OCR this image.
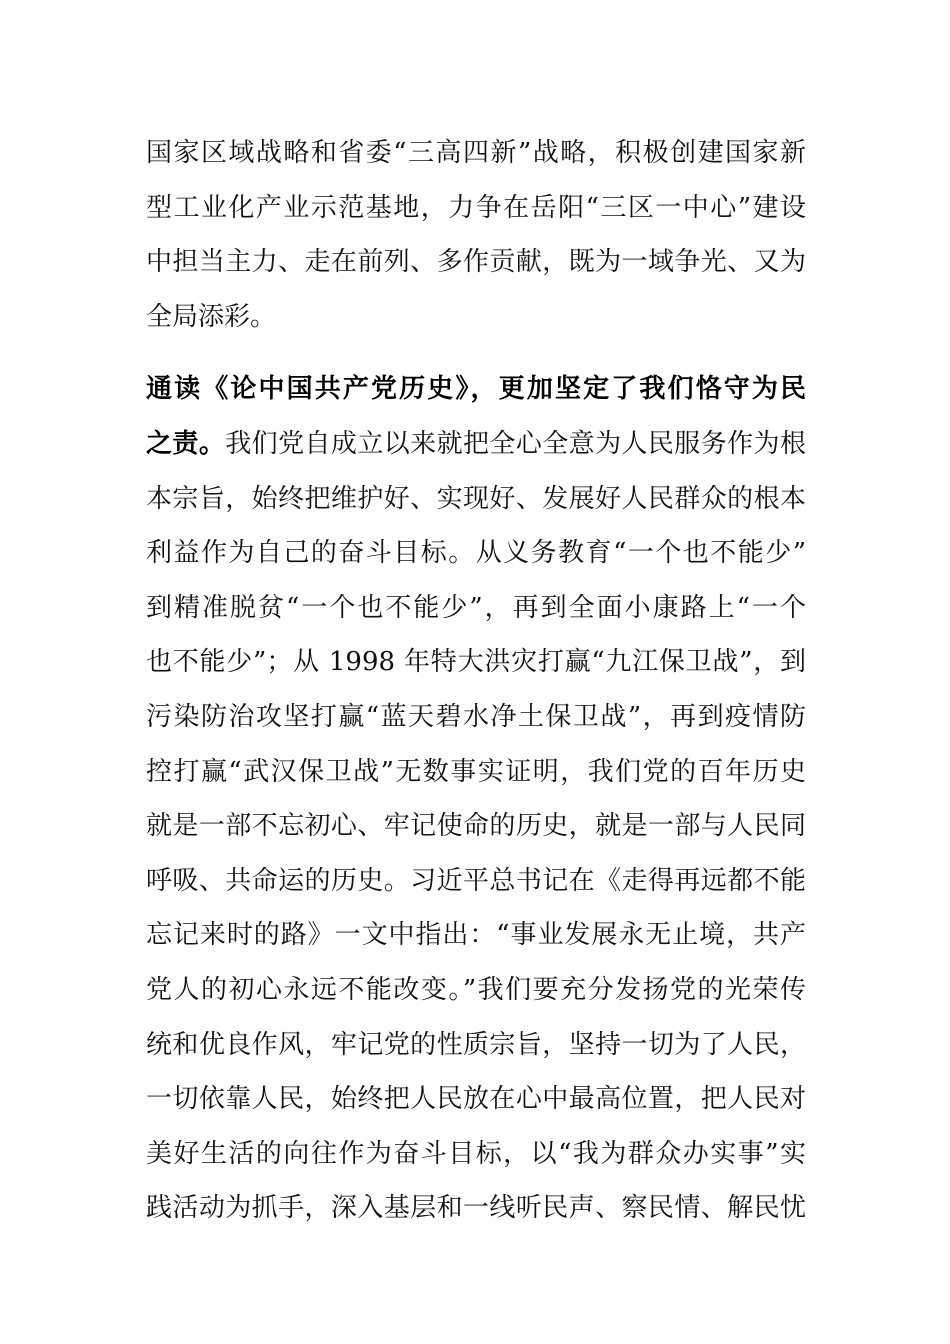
国家区域战略和省委“三高四新”战略，积极创建国家新
型工业化产业示范基地，力争在岳阳“三区一中心”建设
中担当主力、走在前列、多作贡献，既为一域争光、又为
全局添彩。
通读《论中国共产党历史》，更加坚定了我们恪守为民
之责。我们党自成立以来就把全心全意为人民服务作为根
本宗旨，始终把维护好、实现好、发展好人民群众的根本
利益作为自己的奋斗目标。从义务教育“一个也不能少”
到精准脱贫“一个也不能少”，再到全面小康路上“一个
也不能少”；从 1998 年特大洪灾打赢“九江保卫战”，到
污染防治攻坚打赢“蓝天碧水净土保卫战”，再到疫情防
控打赢“武汉保卫战”无数事实证明，我们党的百年历史
就是一部不忘初心、牢记使命的历史，就是一部与人民同
呼吸、共命运的历史。习近平总书记在《走得再远都不能
忘记来时的路》一文中指出：“事业发展永无止境，共产
党人的初心永远不能改变。”我们要充分发扬党的光荣传
统和优良作风，牢记党的性质宗旨，坚持一切为了人民，
一切依靠人民，始终把人民放在心中最高位置，把人民对
美好生活的向往作为奋斗目标，以“我为群众办实事”实
践活动为抓手，深入基层和一线听民声、察民情、解民忧
